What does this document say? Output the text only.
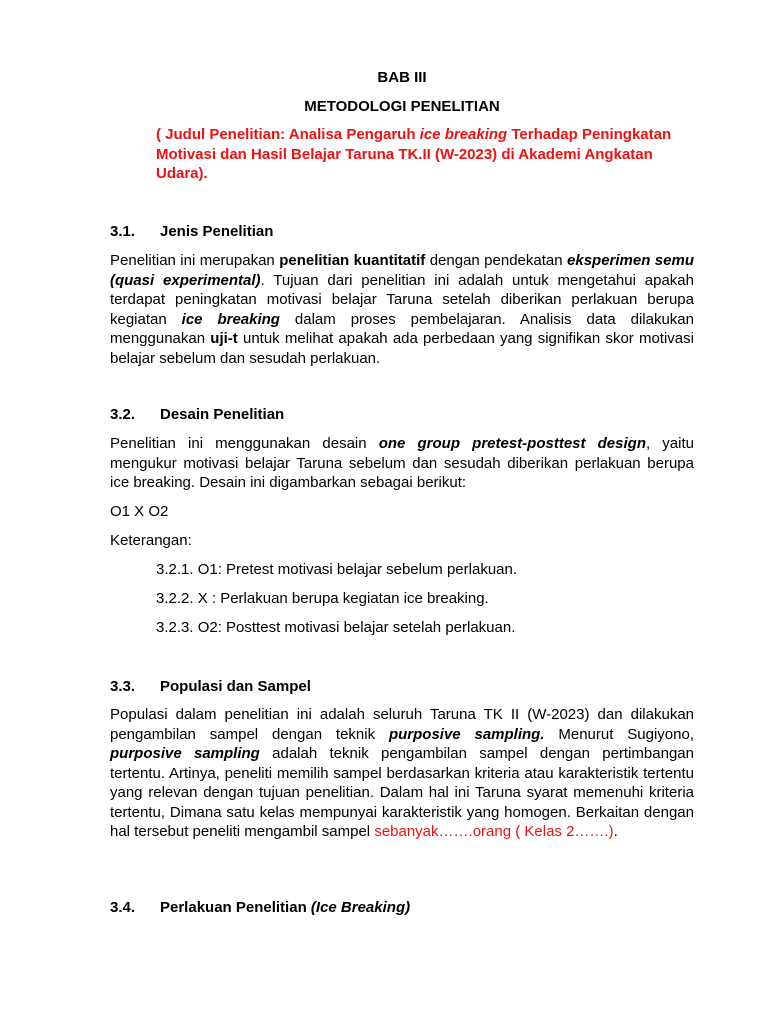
BAB III
METODOLOGI PENELITIAN
( Judul Penelitian: Analisa Pengaruh ice breaking Terhadap Peningkatan Motivasi dan Hasil Belajar Taruna TK.II (W-2023) di Akademi Angkatan Udara).
3.1. Jenis Penelitian
Penelitian ini merupakan penelitian kuantitatif dengan pendekatan eksperimen semu (quasi experimental). Tujuan dari penelitian ini adalah untuk mengetahui apakah terdapat peningkatan motivasi belajar Taruna setelah diberikan perlakuan berupa kegiatan ice breaking dalam proses pembelajaran. Analisis data dilakukan menggunakan uji-t untuk melihat apakah ada perbedaan yang signifikan skor motivasi belajar sebelum dan sesudah perlakuan.
3.2. Desain Penelitian
Penelitian ini menggunakan desain one group pretest-posttest design, yaitu mengukur motivasi belajar Taruna sebelum dan sesudah diberikan perlakuan berupa ice breaking. Desain ini digambarkan sebagai berikut:
O1 X O2
Keterangan:
3.2.1. O1: Pretest motivasi belajar sebelum perlakuan.
3.2.2. X : Perlakuan berupa kegiatan ice breaking.
3.2.3. O2: Posttest motivasi belajar setelah perlakuan.
3.3. Populasi dan Sampel
Populasi dalam penelitian ini adalah seluruh Taruna TK II (W-2023) dan dilakukan pengambilan sampel dengan teknik purposive sampling. Menurut Sugiyono, purposive sampling adalah teknik pengambilan sampel dengan pertimbangan tertentu. Artinya, peneliti memilih sampel berdasarkan kriteria atau karakteristik tertentu yang relevan dengan tujuan penelitian. Dalam hal ini Taruna syarat memenuhi kriteria tertentu, Dimana satu kelas mempunyai karakteristik yang homogen. Berkaitan dengan hal tersebut peneliti mengambil sampel sebanyak…….orang ( Kelas 2…….).
3.4. Perlakuan Penelitian (Ice Breaking)
